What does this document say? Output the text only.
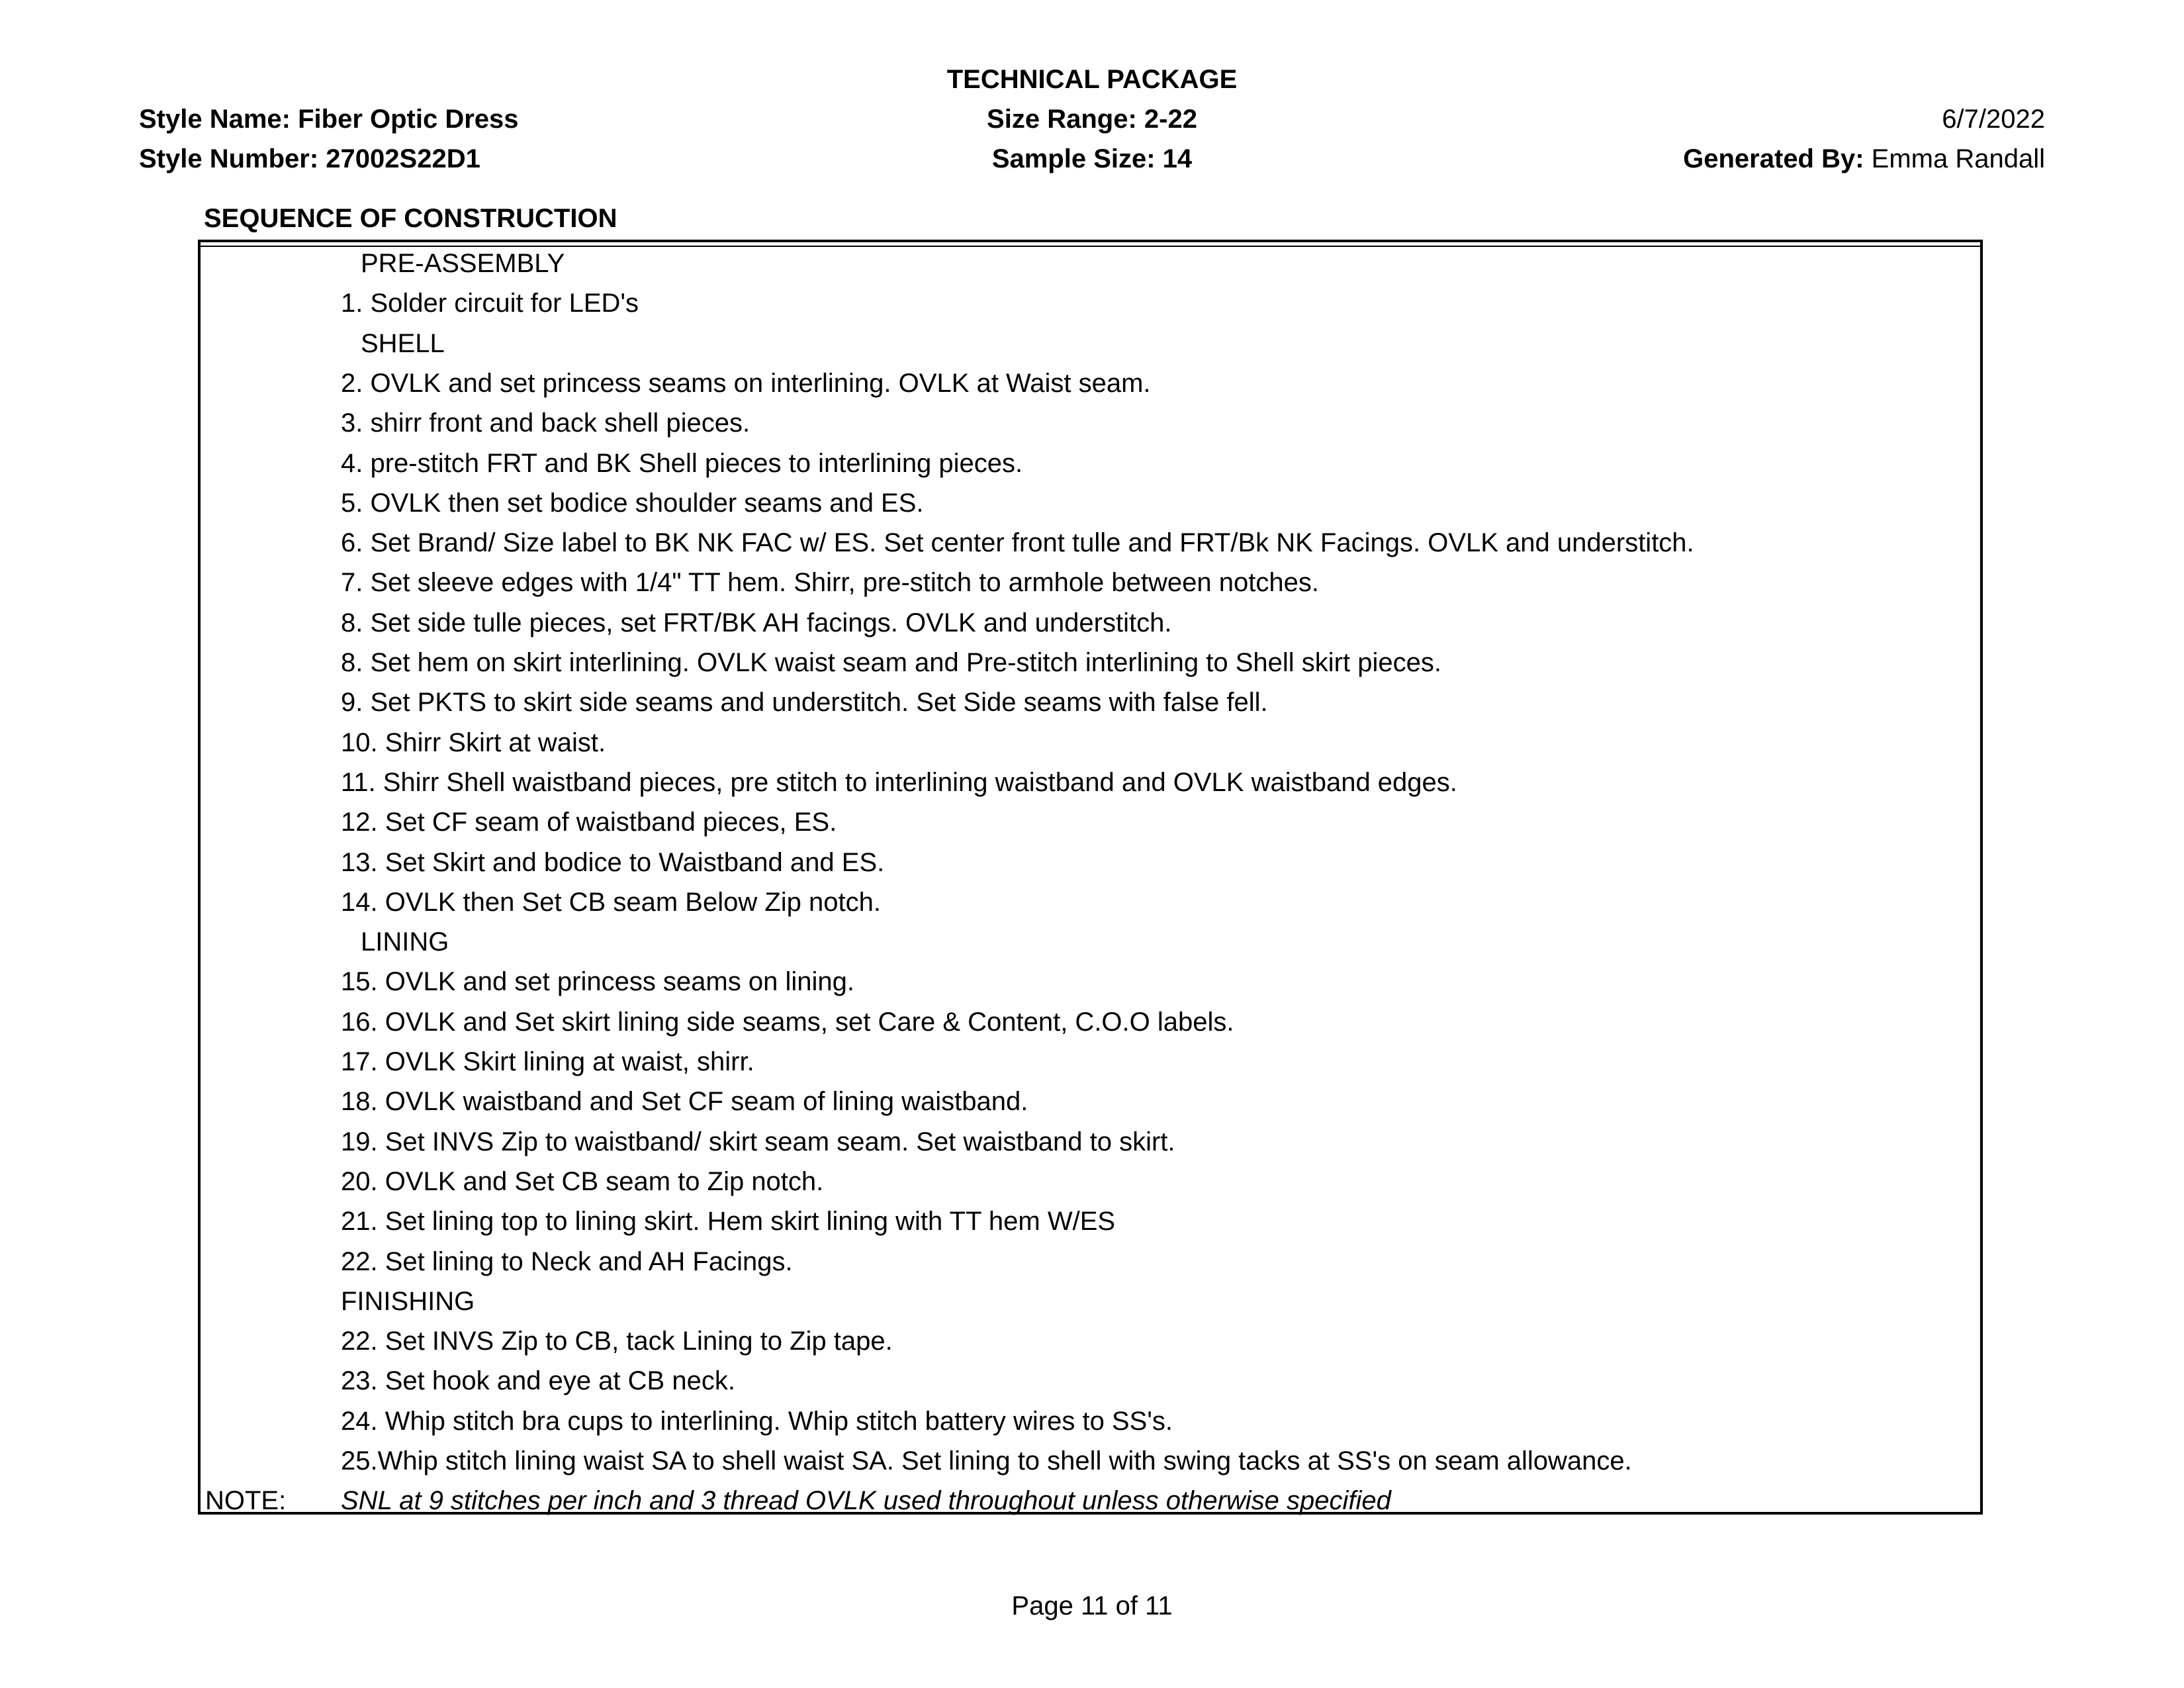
TECHNICAL PACKAGE
Style Name: Fiber Optic Dress
Style Number: 27002S22D1
Size Range: 2-22
Sample Size: 14
6/7/2022
Generated By: Emma Randall
SEQUENCE OF CONSTRUCTION
PRE-ASSEMBLY
1. Solder circuit for LED's
SHELL
2. OVLK and set princess seams on interlining. OVLK at Waist seam.
3. shirr front and back shell pieces.
4. pre-stitch FRT and BK Shell pieces to interlining pieces.
5. OVLK then set bodice shoulder seams and ES.
6. Set Brand/ Size label to BK NK FAC w/ ES. Set center front tulle and FRT/Bk NK Facings. OVLK and understitch.
7. Set sleeve edges with 1/4" TT hem. Shirr, pre-stitch to armhole between notches.
8. Set side tulle pieces, set FRT/BK AH facings. OVLK and understitch.
8. Set hem on skirt interlining. OVLK waist seam and Pre-stitch interlining to Shell skirt pieces.
9. Set PKTS to skirt side seams and understitch. Set Side seams with false fell.
10. Shirr Skirt at waist.
11. Shirr Shell waistband pieces, pre stitch to interlining waistband and OVLK waistband edges.
12. Set CF seam of waistband pieces, ES.
13. Set Skirt and bodice to Waistband and ES.
14. OVLK then Set CB seam Below Zip notch.
LINING
15. OVLK and set princess seams on lining.
16. OVLK and Set skirt lining side seams, set Care & Content, C.O.O labels.
17. OVLK Skirt lining at waist, shirr.
18. OVLK waistband and Set CF seam of lining waistband.
19. Set INVS Zip to waistband/ skirt seam seam. Set waistband to skirt.
20. OVLK and Set CB seam to Zip notch.
21. Set lining top to lining skirt. Hem skirt lining with TT hem W/ES
22. Set lining to Neck and AH Facings.
FINISHING
22. Set INVS Zip to CB, tack Lining to Zip tape.
23. Set hook and eye at CB neck.
24. Whip stitch bra cups to interlining. Whip stitch battery wires to SS's.
25.Whip stitch lining waist SA to shell waist SA. Set lining to shell with swing tacks at SS's on seam allowance.
NOTE: SNL at 9 stitches per inch and 3 thread OVLK used throughout unless otherwise specified
Page 11 of 11
